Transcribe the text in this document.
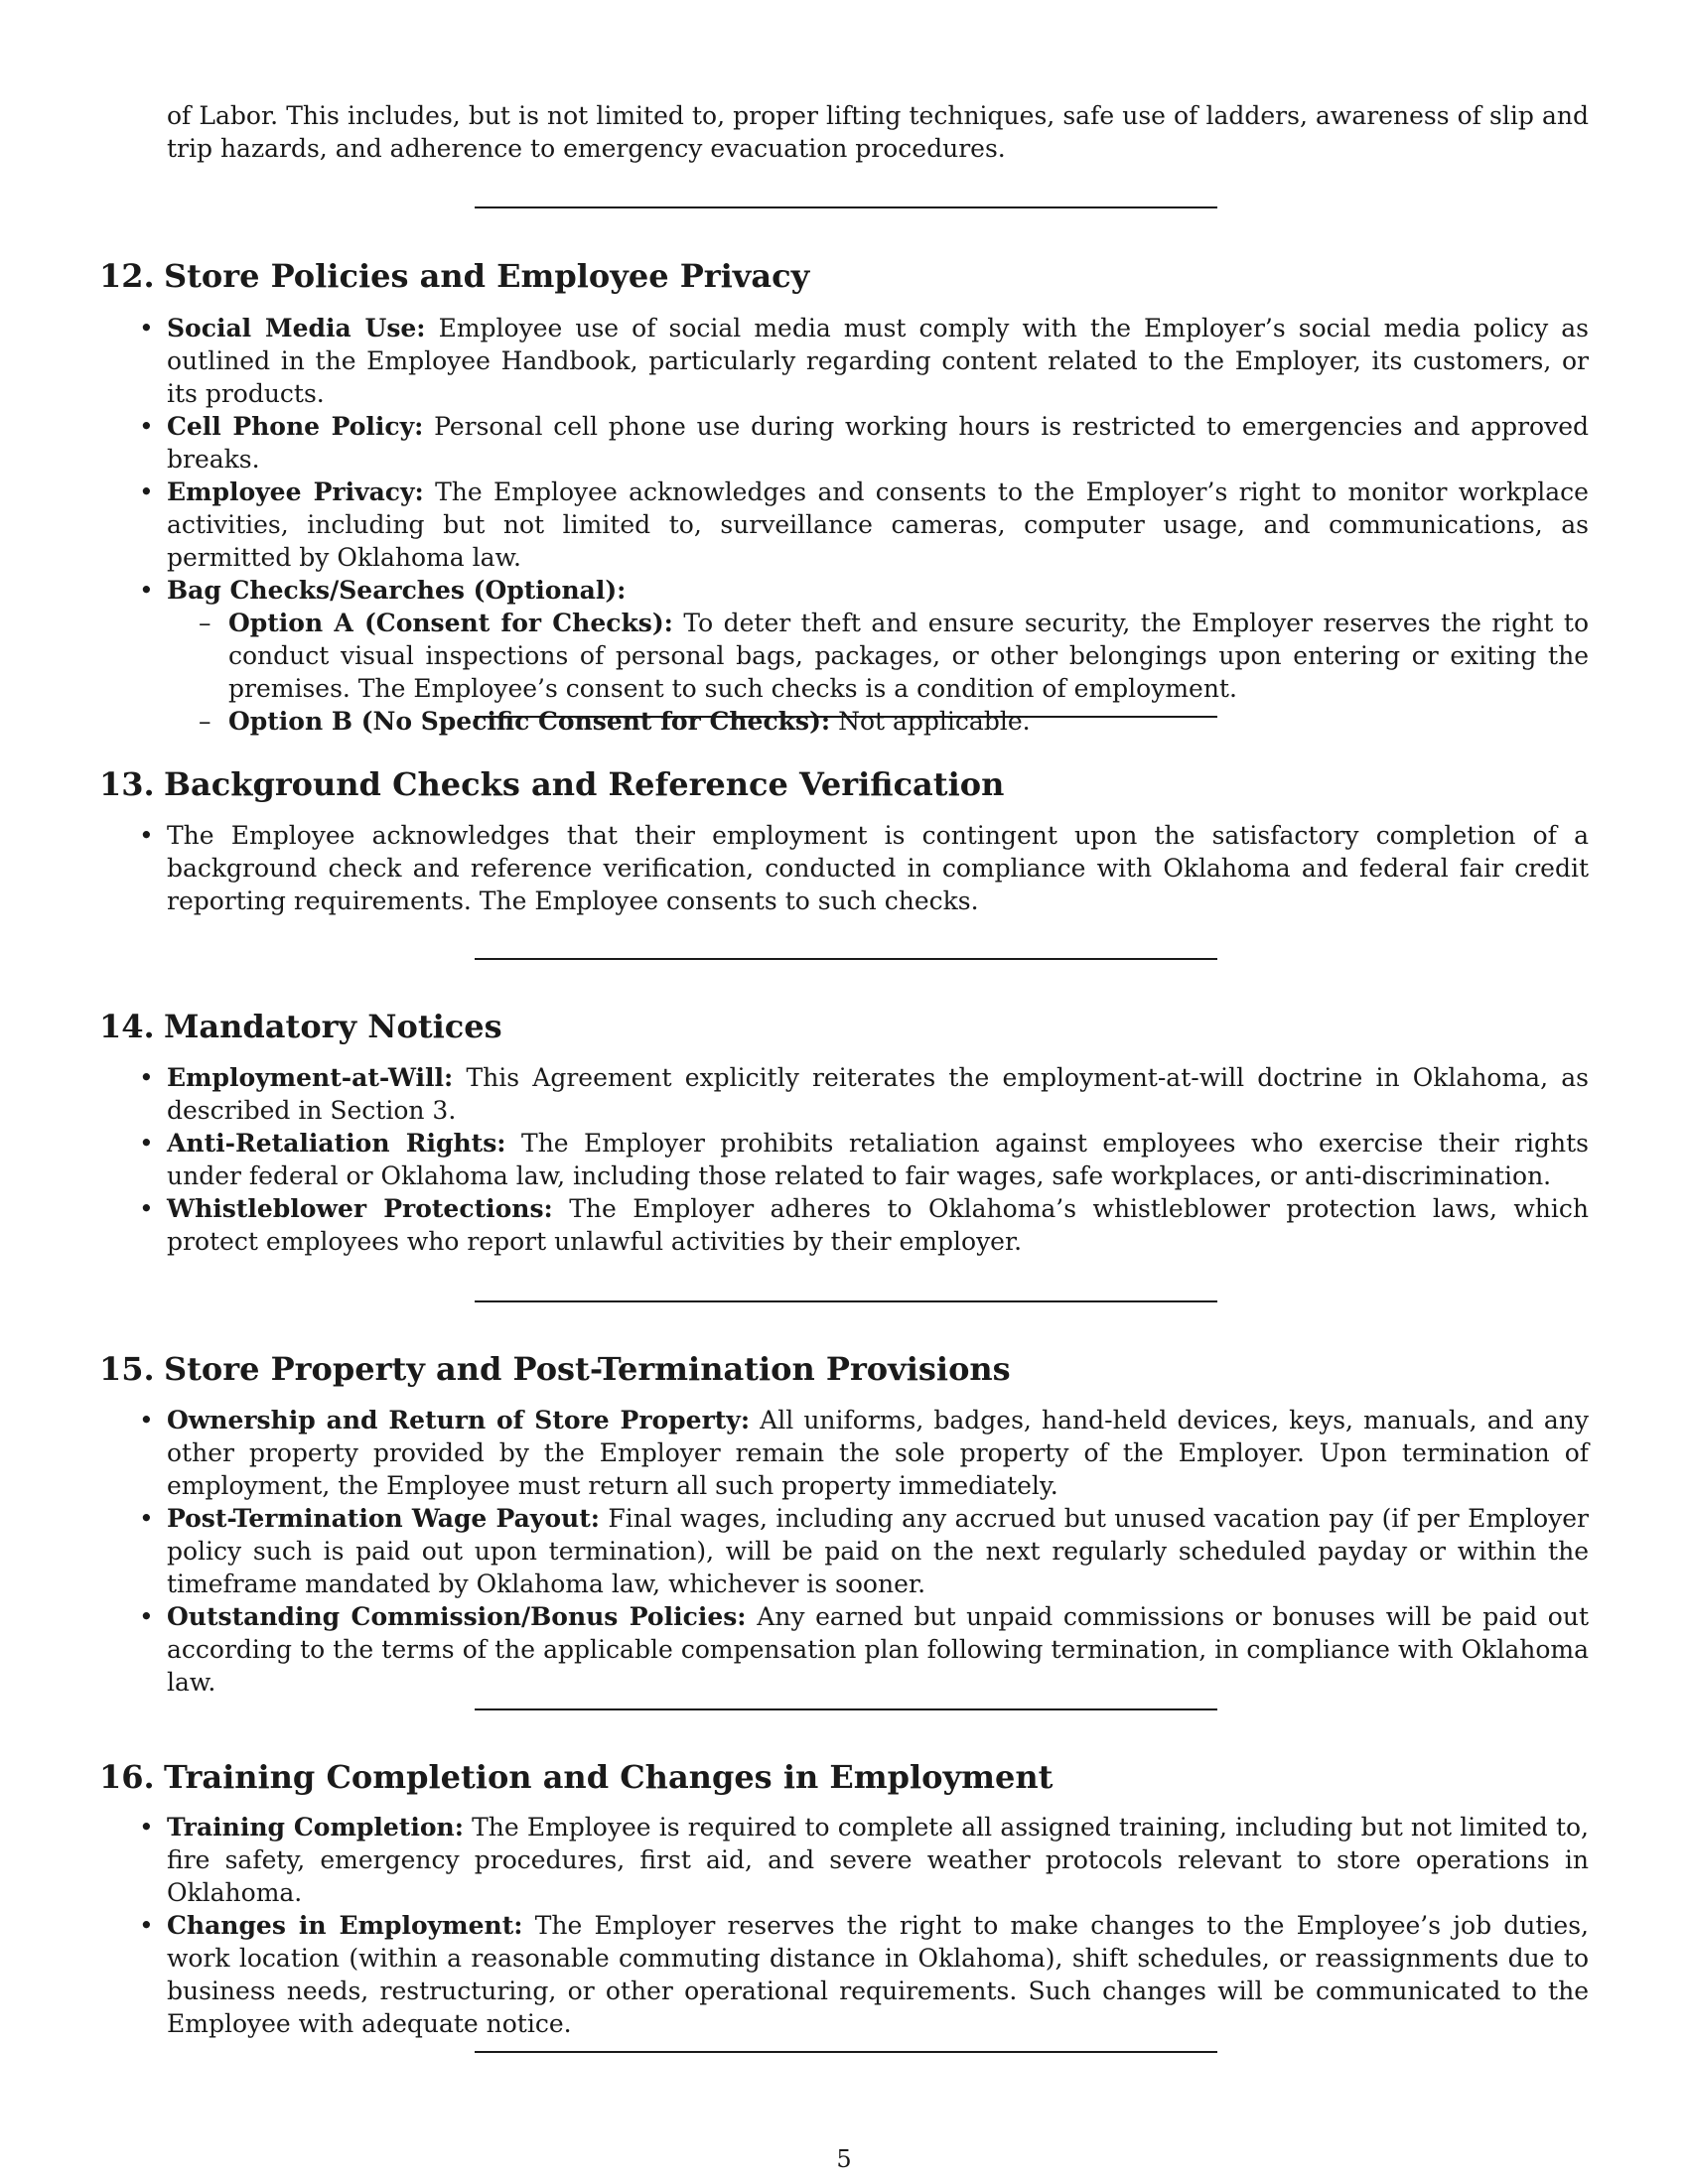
of Labor. This includes, but is not limited to, proper lifting techniques, safe use of ladders, awareness of slip and trip hazards, and adherence to emergency evacuation procedures.

12. Store Policies and Employee Privacy
• Social Media Use: Employee use of social media must comply with the Employer’s social media policy as outlined in the Employee Handbook, particularly regarding content related to the Employer, its customers, or its products.
• Cell Phone Policy: Personal cell phone use during working hours is restricted to emergencies and approved breaks.
• Employee Privacy: The Employee acknowledges and consents to the Employer’s right to monitor workplace activities, including but not limited to, surveillance cameras, computer usage, and communications, as permitted by Oklahoma law.
• Bag Checks/Searches (Optional):
– Option A (Consent for Checks): To deter theft and ensure security, the Employer reserves the right to conduct visual inspections of personal bags, packages, or other belongings upon entering or exiting the premises. The Employee’s consent to such checks is a condition of employment.
– Option B (No Specific Consent for Checks): Not applicable.
13. Background Checks and Reference Verification
• The Employee acknowledges that their employment is contingent upon the satisfactory completion of a background check and reference verification, conducted in compliance with Oklahoma and federal fair credit reporting requirements. The Employee consents to such checks.
14. Mandatory Notices
• Employment-at-Will: This Agreement explicitly reiterates the employment-at-will doctrine in Oklahoma, as described in Section 3.
• Anti-Retaliation Rights: The Employer prohibits retaliation against employees who exercise their rights under federal or Oklahoma law, including those related to fair wages, safe workplaces, or anti-discrimination.
• Whistleblower Protections: The Employer adheres to Oklahoma’s whistleblower protection laws, which protect employees who report unlawful activities by their employer.
15. Store Property and Post-Termination Provisions
• Ownership and Return of Store Property: All uniforms, badges, hand-held devices, keys, manuals, and any other property provided by the Employer remain the sole property of the Employer. Upon termination of employment, the Employee must return all such property immediately.
• Post-Termination Wage Payout: Final wages, including any accrued but unused vacation pay (if per Employer policy such is paid out upon termination), will be paid on the next regularly scheduled payday or within the timeframe mandated by Oklahoma law, whichever is sooner.
• Outstanding Commission/Bonus Policies: Any earned but unpaid commissions or bonuses will be paid out according to the terms of the applicable compensation plan following termination, in compliance with Oklahoma law.
16. Training Completion and Changes in Employment
• Training Completion: The Employee is required to complete all assigned training, including but not limited to, fire safety, emergency procedures, first aid, and severe weather protocols relevant to store operations in Oklahoma.
• Changes in Employment: The Employer reserves the right to make changes to the Employee’s job duties, work location (within a reasonable commuting distance in Oklahoma), shift schedules, or reassignments due to business needs, restructuring, or other operational requirements. Such changes will be communicated to the Employee with adequate notice.
5
